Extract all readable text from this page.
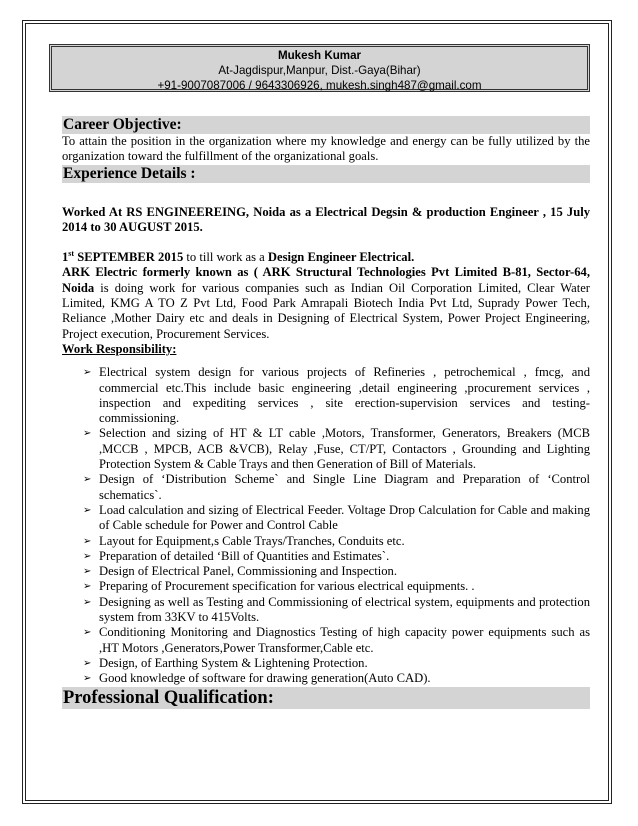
Mukesh Kumar
At-Jagdispur,Manpur, Dist.-Gaya(Bihar)
+91-9007087006 / 9643306926, mukesh.singh487@gmail.com
Career Objective:

To attain the position in the organization where my knowledge and energy can be fully utilized by the organization toward the fulfillment of the organizational goals.

Experience Details :

Worked At RS ENGINEEREING, Noida as a Electrical Degsin & production Engineer , 15 July 2014 to 30 AUGUST 2015.

1st SEPTEMBER 2015 to till work as a Design Engineer Electrical.

ARK Electric formerly known as ( ARK Structural Technologies Pvt Limited B-81, Sector-64, Noida is doing work for various companies such as Indian Oil Corporation Limited, Clear Water Limited, KMG A TO Z Pvt Ltd, Food Park Amrapali Biotech India Pvt Ltd, Suprady Power Tech, Reliance ,Mother Dairy etc and deals in Designing of Electrical System, Power Project Engineering, Project execution, Procurement Services.

Work Responsibility:
➢ Electrical system design for various projects of Refineries , petrochemical , fmcg, and commercial etc.This include basic engineering ,detail engineering ,procurement services , inspection and expediting services , site erection-supervision services and testing-commissioning.
➢ Selection and sizing of HT & LT cable ,Motors, Transformer, Generators, Breakers (MCB ,MCCB , MPCB, ACB &VCB), Relay ,Fuse, CT/PT, Contactors , Grounding and Lighting Protection System & Cable Trays and then Generation of Bill of Materials.
➢ Design of ‘Distribution Scheme` and Single Line Diagram and Preparation of ‘Control schematics`.
➢ Load calculation and sizing of Electrical Feeder. Voltage Drop Calculation for Cable and making of Cable schedule for Power and Control Cable
➢ Layout for Equipment,s Cable Trays/Tranches, Conduits etc.
➢ Preparation of detailed ‘Bill of Quantities and Estimates`.
➢ Design of Electrical Panel, Commissioning and Inspection.
➢ Preparing of Procurement specification for various electrical equipments. .
➢ Designing as well as Testing and Commissioning of electrical system, equipments and protection system from 33KV to 415Volts.
➢ Conditioning Monitoring and Diagnostics Testing of high capacity power equipments such as ,HT Motors ,Generators,Power Transformer,Cable etc.
➢ Design, of Earthing System & Lightening Protection.
➢ Good knowledge of software for drawing generation(Auto CAD).
Professional Qualification:
